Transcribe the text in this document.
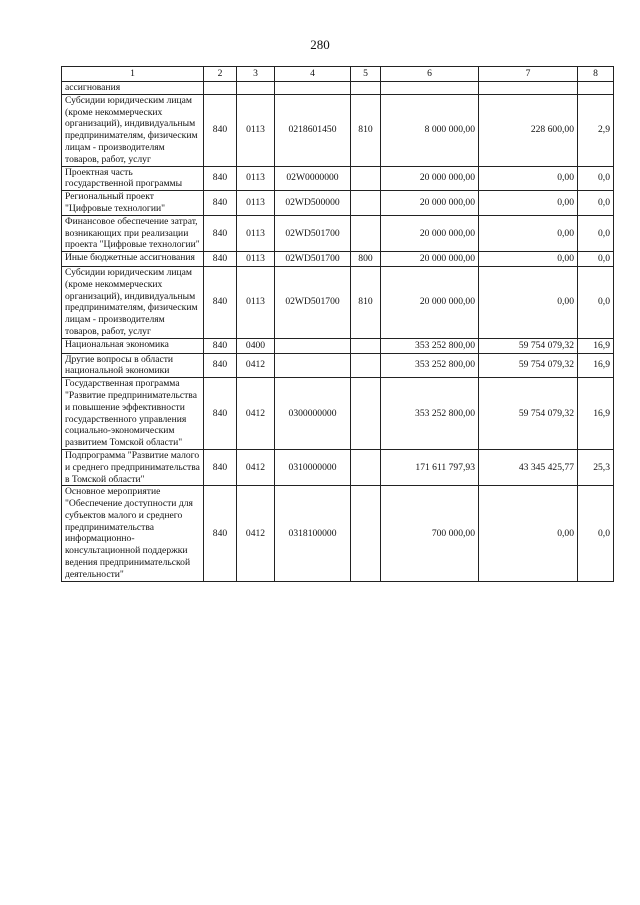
280
1	2	3	4	5	6	7	8
ассигнования							
Субсидии юридическим лицам (кроме некоммерческих организаций), индивидуальным предпринимателям, физическим лицам - производителям товаров, работ, услуг	840	0113	0218601450	810	8 000 000,00	228 600,00	2,9
Проектная часть государственной программы	840	0113	02W0000000		20 000 000,00	0,00	0,0
Региональный проект "Цифровые технологии"	840	0113	02WD500000		20 000 000,00	0,00	0,0
Финансовое обеспечение затрат, возникающих при реализации проекта "Цифровые технологии"	840	0113	02WD501700		20 000 000,00	0,00	0,0
Иные бюджетные ассигнования	840	0113	02WD501700	800	20 000 000,00	0,00	0,0
Субсидии юридическим лицам (кроме некоммерческих организаций), индивидуальным предпринимателям, физическим лицам - производителям товаров, работ, услуг	840	0113	02WD501700	810	20 000 000,00	0,00	0,0
Национальная экономика	840	0400			353 252 800,00	59 754 079,32	16,9
Другие вопросы в области национальной экономики	840	0412			353 252 800,00	59 754 079,32	16,9
Государственная программа "Развитие предпринимательства и повышение эффективности государственного управления социально-экономическим развитием Томской области"	840	0412	0300000000		353 252 800,00	59 754 079,32	16,9
Подпрограмма "Развитие малого и среднего предпринимательства в Томской области"	840	0412	0310000000		171 611 797,93	43 345 425,77	25,3
Основное мероприятие "Обеспечение доступности для субъектов малого и среднего предпринимательства информационно-консультационной поддержки ведения предпринимательской деятельности"	840	0412	0318100000		700 000,00	0,00	0,0
